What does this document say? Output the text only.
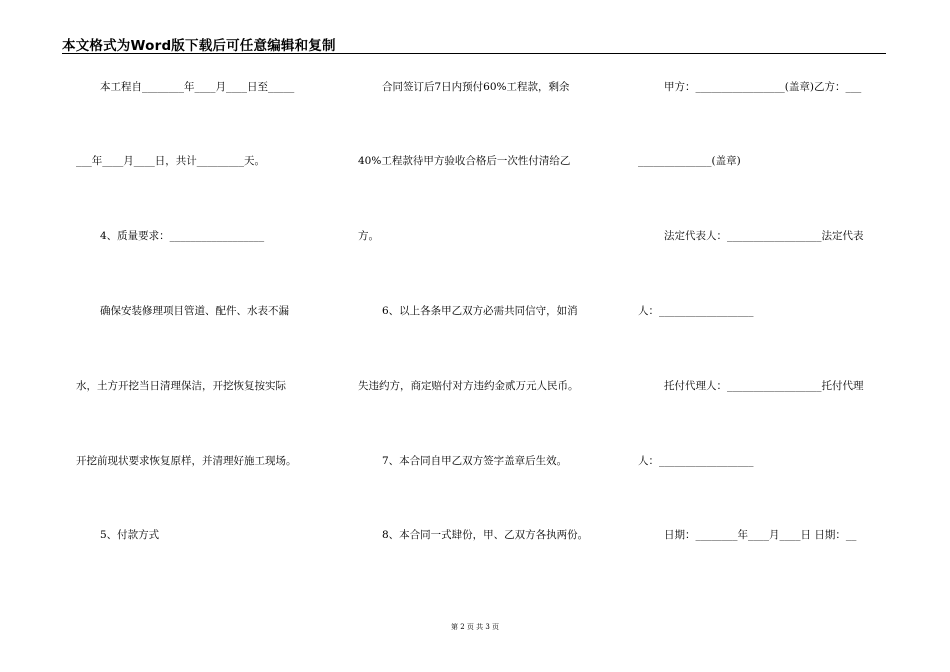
本文格式为Word版下载后可任意编辑和复制
本工程自________年____月____日至_____
___年____月____日，共计_________天。
4、质量要求：__________________
确保安装修理项目管道、配件、水表不漏
水，土方开挖当日清理保洁，开挖恢复按实际
开挖前现状要求恢复原样，并清理好施工现场。
5、付款方式
合同签订后7日内预付60%工程款，剩余
40%工程款待甲方验收合格后一次性付清给乙
方。
6、以上各条甲乙双方必需共同信守，如消
失违约方，商定赔付对方违约金贰万元人民币。
7、本合同自甲乙双方签字盖章后生效。
8、本合同一式肆份，甲、乙双方各执两份。
甲方：_________________(盖章)乙方：___
______________(盖章)
法定代表人：__________________法定代表
人：__________________
托付代理人：__________________托付代理
人：__________________
日期：________年____月____日 日期：__
第 2 页 共 3 页
